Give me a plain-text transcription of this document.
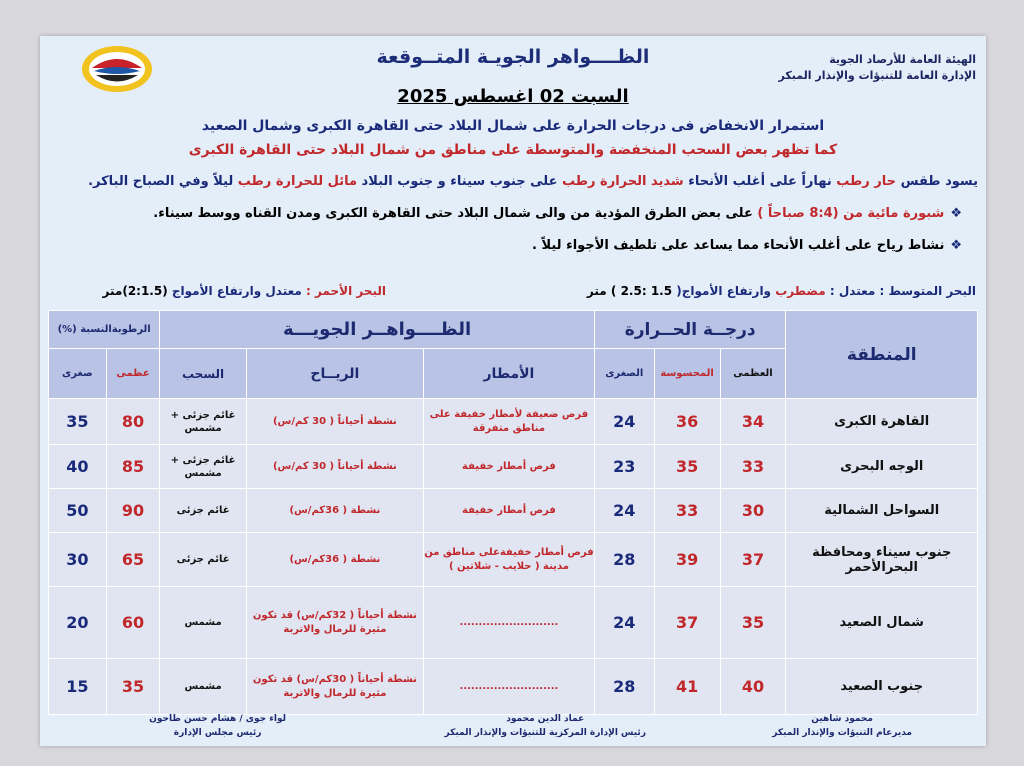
الهيئة العامة للأرصاد الجوية
الإدارة العامة للتنبؤات والإنذار المبكر
الظــــواهر الجويـة المتــوقعة
السبت 02 اغسطس 2025
استمرار الانخفاض فى درجات الحرارة على شمال البلاد حتى القاهرة الكبرى وشمال الصعيد
كما تظهر بعض السحب المنخفضة والمتوسطة على مناطق من شمال البلاد حتى القاهرة الكبرى
يسود طقس حار رطب نهاراً على أغلب الأنحاء شديد الحرارة رطب على جنوب سيناء و جنوب البلاد مائل للحرارة رطب ليلاً وفي الصباح الباكر.
❖شبورة مائية من (8:4 صباحاً ) على بعض الطرق المؤدية من والى شمال البلاد حتى القاهرة الكبرى ومدن القناه ووسط سيناء.
❖نشاط رياح على أغلب الأنحاء مما يساعد على تلطيف الأجواء ليلاً .
البحر المتوسط : معتدل : مضطرب وارتفاع الأمواج( 1.5 :2.5 ) متر
البحر الأحمر : معتدل وارتفاع الأمواج (2:1.5)متر
المنطقة	درجــة الحــرارة			الظــــواهــر الجويـــة			الرطوبةالنسبة (%)	
	العظمى	المحسوسة	الصغرى	الأمطار	الريــاح	السحب	عظمى	صغرى
القاهرة الكبرى	34	36	24	فرص ضعيفة لأمطار خفيفة على مناطق متفرقة	نشطة أحياناً ( 30 كم/س)	غائم جزئى + مشمس	80	35
الوجه البحرى	33	35	23	فرص أمطار خفيفة	نشطة أحياناً ( 30 كم/س)	غائم جزئى + مشمس	85	40
السواحل الشمالية	30	33	24	فرص أمطار خفيفة	نشطة ( 36كم/س)	غائم جزئى	90	50
جنوب سيناء ومحافظة البحرالأحمر	37	39	28	فرص أمطار خفيفةعلى مناطق من مدينة ( حلايب - شلاتين )	نشطة ( 36كم/س)	غائم جزئى	65	30
شمال الصعيد	35	37	24	..........................	نشطة أحياناً ( 32كم/س) قد تكون مثيرة للرمال والاتربة	مشمس	60	20
جنوب الصعيد	40	41	28	..........................	نشطة أحياناً ( 30كم/س) قد تكون مثيرة للرمال والاتربة	مشمس	35	15
محمود شاهين
مديرعام التنبؤات والإنذار المبكر
عماد الدين محمود
رئيس الإدارة المركزية للتنبؤات والإنذار المبكر
لواء جوى / هشام حسن طاحون
رئيس مجلس الإدارة
